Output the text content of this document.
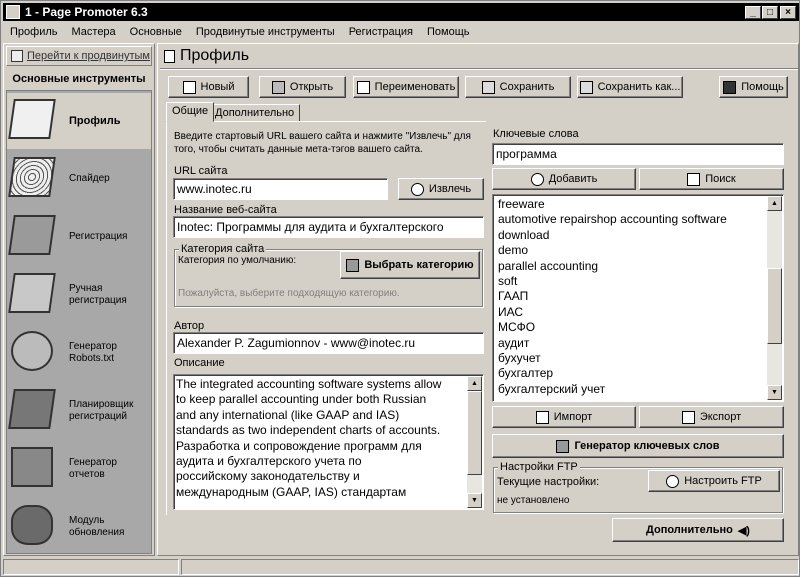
1 - Page Promoter 6.3	_	□	×
Профиль Мастера Основные Продвинутые инструменты Регистрация Помощь
Перейти к продвинутым
Основные инструменты
Профиль
Спайдер
Регистрация
Ручная регистрация
Генератор Robots.txt
Планировщик регистраций
Генератор отчетов
Модуль обновления
Профиль
Новый	Открыть	Переименовать	Сохранить	Сохранить как...	Помощь
Общие Дополнительно
Введите стартовый URL вашего сайта и нажмите "Извлечь" для того, чтобы считать данные мета-тэгов вашего сайта.
URL сайта
www.inotec.ru	Извлечь
Название веб-сайта
Inotec: Программы для аудита и бухгалтерского
Категория сайта
Категория по умолчанию:	Выбрать категорию
Пожалуйста, выберите подходящую категорию.
Автор
Alexander P. Zagumionnov - www@inotec.ru
Описание
The integrated accounting software systems allow
to keep parallel accounting under both Russian
and any international (like GAAP and IAS)
standards as two independent charts of accounts.
Разработка и сопровождение программ для
аудита и бухгалтерского учета по
российскому законодательству и
международным (GAAP, IAS) стандартам
▲
▼
Ключевые слова
программа
Добавить	Поиск
freeware
automotive repairshop accounting software
download
demo
parallel accounting
soft
ГААП
ИАС
МСФО
аудит
бухучет
бухгалтер
бухгалтерский учет
▲
▼
Импорт	Экспорт
Генератор ключевых слов
Настройки FTP
Текущие настройки:
не установлено
Настроить FTP
Дополнительно ◀)
